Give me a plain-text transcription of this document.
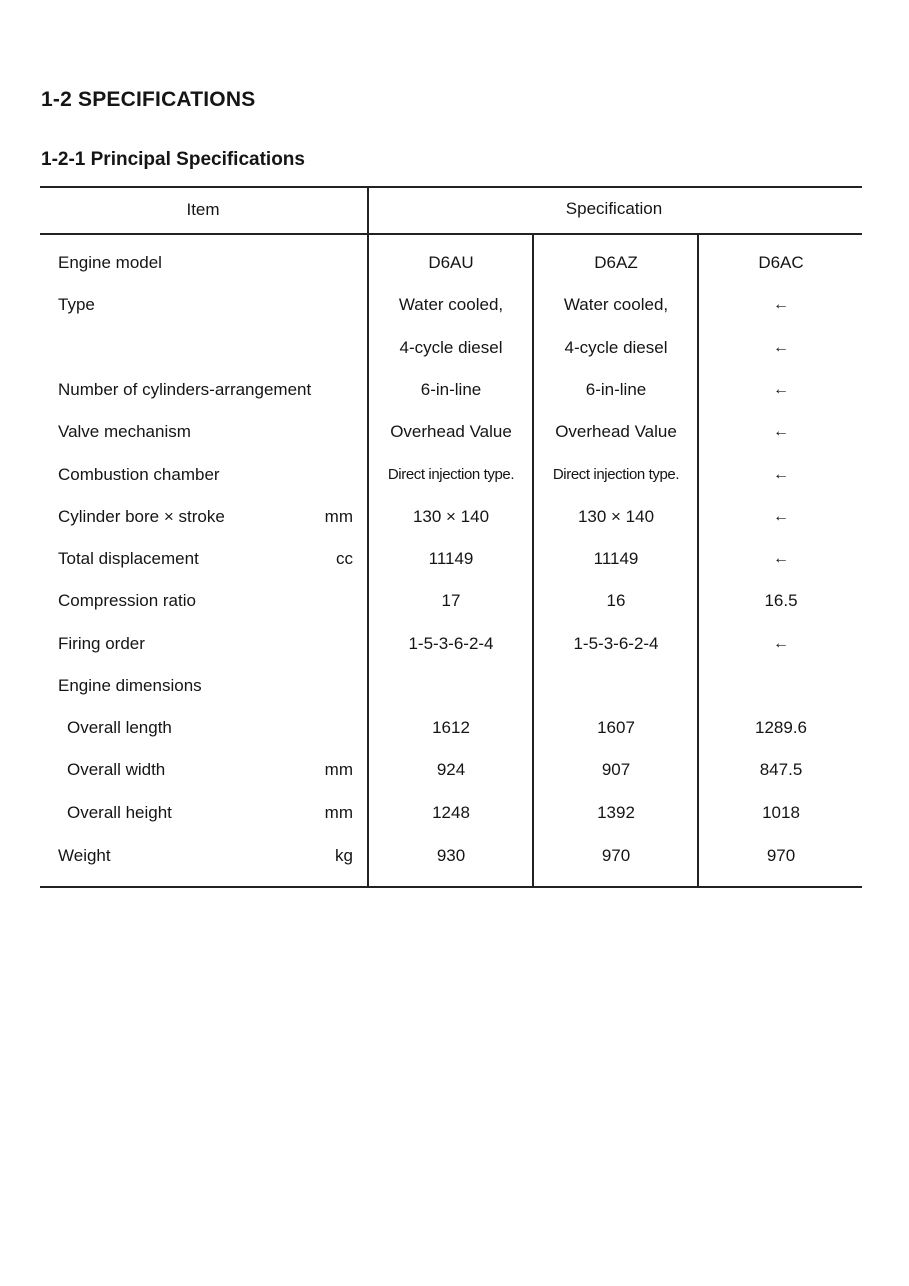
1-2 SPECIFICATIONS
1-2-1 Principal Specifications
Item	Specification
Engine model	D6AU	D6AZ	D6AC
Type	Water cooled,	Water cooled,	←
4-cycle diesel	4-cycle diesel	←
Number of cylinders-arrangement	6-in-line	6-in-line	←
Valve mechanism	Overhead Value	Overhead Value	←
Combustion chamber	Direct injection type.	Direct injection type.	←
Cylinder bore × stroke	mm	130 × 140	130 × 140	←
Total displacement	cc	11149	11149	←
Compression ratio	17	16	16.5
Firing order	1-5-3-6-2-4	1-5-3-6-2-4	←
Engine dimensions
Overall length	1612	1607	1289.6
Overall width	mm	924	907	847.5
Overall height	mm	1248	1392	1018
Weight	kg	930	970	970
